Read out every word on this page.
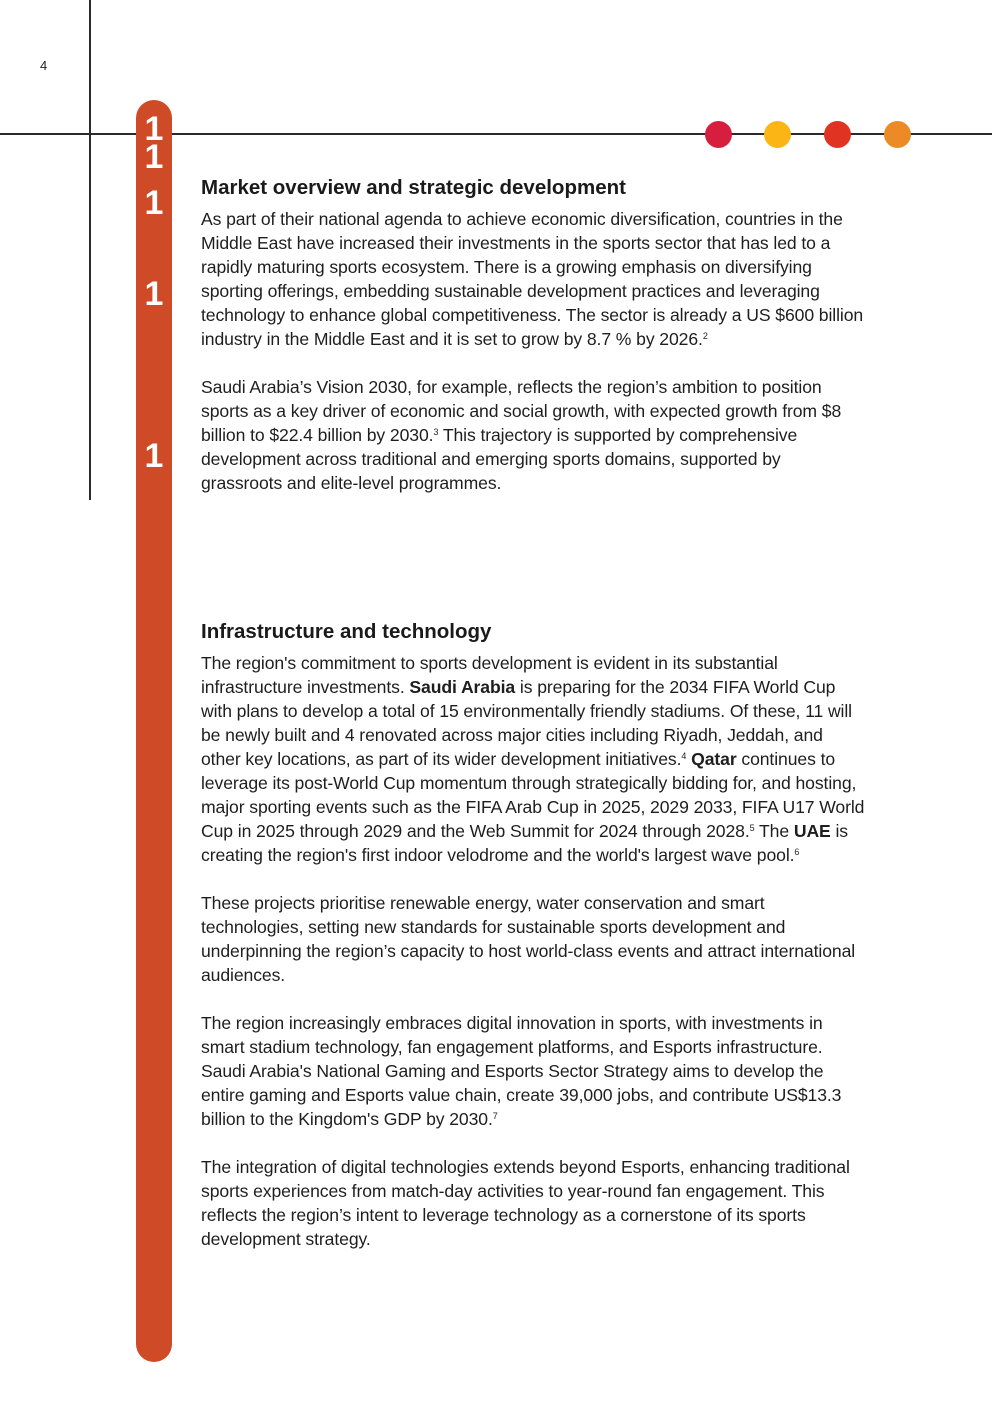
4
1
1
1
1
1
Market overview and strategic development

As part of their national agenda to achieve economic diversification, countries in the Middle East have increased their investments in the sports sector that has led to a rapidly maturing sports ecosystem. There is a growing emphasis on diversifying sporting offerings, embedding sustainable development practices and leveraging technology to enhance global competitiveness. The sector is already a US $600 billion industry in the Middle East and it is set to grow by 8.7 % by 2026.$^2$

Saudi Arabia’s Vision 2030, for example, reflects the region’s ambition to position sports as a key driver of economic and social growth, with expected growth from $8 billion to $22.4 billion by 2030.$^3$ This trajectory is supported by comprehensive development across traditional and emerging sports domains, supported by grassroots and elite-level programmes.

Infrastructure and technology

The region's commitment to sports development is evident in its substantial infrastructure investments. Saudi Arabia is preparing for the 2034 FIFA World Cup with plans to develop a total of 15 environmentally friendly stadiums. Of these, 11 will be newly built and 4 renovated across major cities including Riyadh, Jeddah, and other key locations, as part of its wider development initiatives.$^4$ Qatar continues to leverage its post-World Cup momentum through strategically bidding for, and hosting, major sporting events such as the FIFA Arab Cup in 2025, 2029 2033, FIFA U17 World Cup in 2025 through 2029 and the Web Summit for 2024 through 2028.$^5$ The UAE is creating the region's first indoor velodrome and the world's largest wave pool.$^6$

These projects prioritise renewable energy, water conservation and smart technologies, setting new standards for sustainable sports development and underpinning the region’s capacity to host world-class events and attract international audiences.

The region increasingly embraces digital innovation in sports, with investments in smart stadium technology, fan engagement platforms, and Esports infrastructure. Saudi Arabia's National Gaming and Esports Sector Strategy aims to develop the entire gaming and Esports value chain, create 39,000 jobs, and contribute US$13.3 billion to the Kingdom's GDP by 2030.$^7$

The integration of digital technologies extends beyond Esports, enhancing traditional sports experiences from match-day activities to year-round fan engagement. This reflects the region’s intent to leverage technology as a cornerstone of its sports development strategy.
